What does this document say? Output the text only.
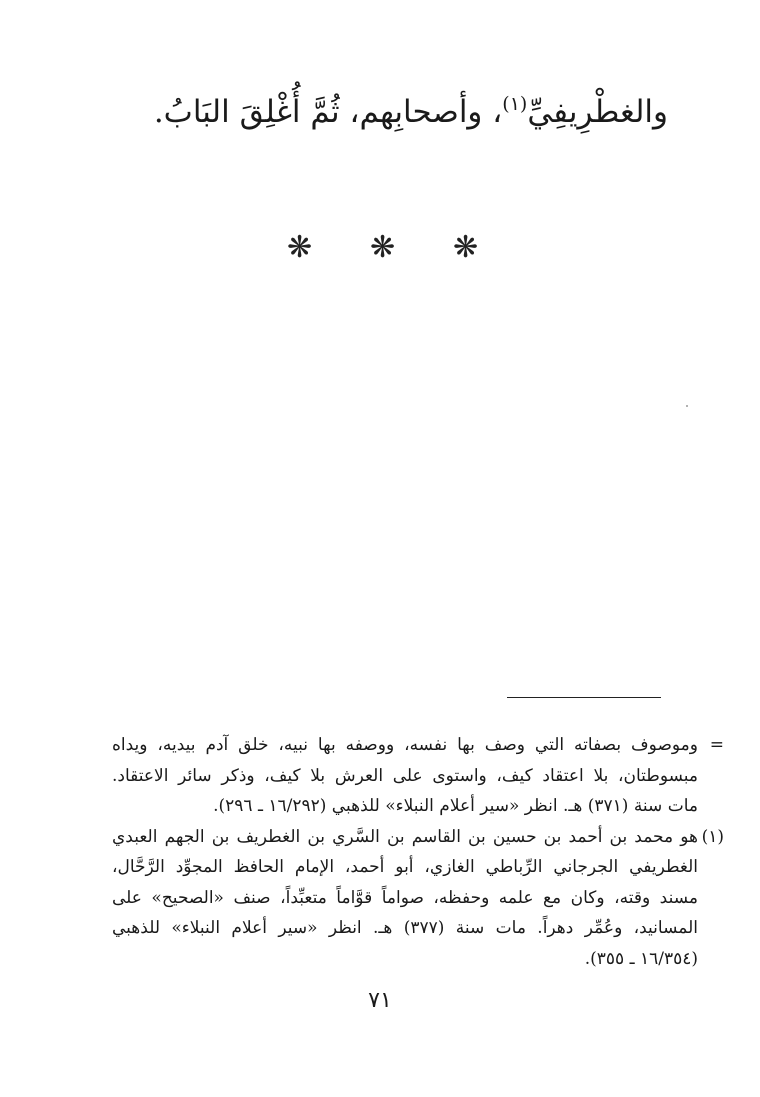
والغطْرِيفِيِّ$^{(١)}$، وأصحابِهم، ثُمَّ أُغْلِقَ البَابُ.
❋
❋
❋
=
وموصوف بصفاته التي وصف بها نفسه، ووصفه بها نبيه، خلق آدم بيديه، ويداه
مبسوطتان، بلا اعتقاد كيف، واستوى على العرش بلا كيف، وذكر سائر الاعتقاد.
مات سنة (٣٧١) هـ. انظر «سير أعلام النبلاء» للذهبي (١٦/٢٩٢ ـ ٢٩٦).
(١)
هو محمد بن أحمد بن حسين بن القاسم بن السَّري بن الغطريف بن الجهم العبدي
الغطريفي الجرجاني الرِّباطي الغازي، أبو أحمد، الإمام الحافظ المجوِّد الرَّحَّال،
مسند وقته، وكان مع علمه وحفظه، صواماً قوَّاماً متعبِّداً، صنف «الصحيح» على
المسانيد، وعُمِّر دهراً. مات سنة (٣٧٧) هـ. انظر «سير أعلام النبلاء» للذهبي
(١٦/٣٥٤ ـ ٣٥٥).
٧١
